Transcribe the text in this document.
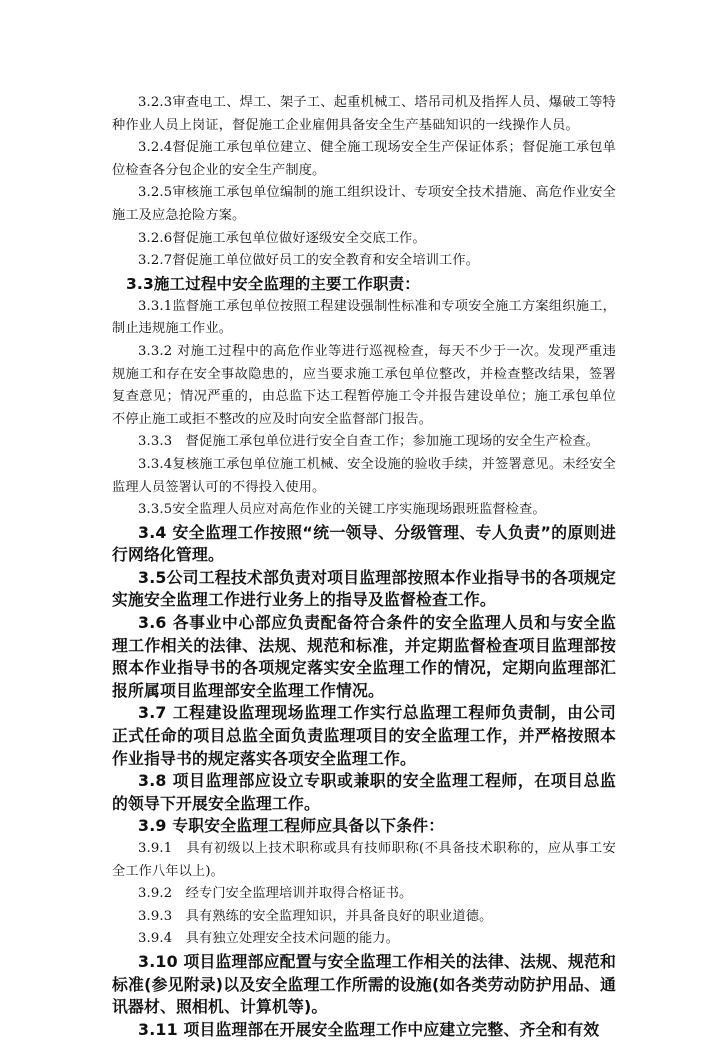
3.2.3审查电工、焊工、架子工、起重机械工、塔吊司机及指挥人员、爆破工等特种作业人员上岗证，督促施工企业雇佣具备安全生产基础知识的一线操作人员。

3.2.4督促施工承包单位建立、健全施工现场安全生产保证体系；督促施工承包单位检查各分包企业的安全生产制度。

3.2.5审核施工承包单位编制的施工组织设计、专项安全技术措施、高危作业安全施工及应急抢险方案。

3.2.6督促施工承包单位做好逐级安全交底工作。

3.2.7督促施工单位做好员工的安全教育和安全培训工作。

3.3施工过程中安全监理的主要工作职责：

3.3.1监督施工承包单位按照工程建设强制性标准和专项安全施工方案组织施工，制止违规施工作业。

3.3.2 对施工过程中的高危作业等进行巡视检查，每天不少于一次。发现严重违规施工和存在安全事故隐患的，应当要求施工承包单位整改，并检查整改结果，签署复查意见；情况严重的，由总监下达工程暂停施工令并报告建设单位；施工承包单位不停止施工或拒不整改的应及时向安全监督部门报告。

3.3.3　督促施工承包单位进行安全自查工作；参加施工现场的安全生产检查。

3.3.4复核施工承包单位施工机械、安全设施的验收手续，并签署意见。未经安全监理人员签署认可的不得投入使用。

3.3.5安全监理人员应对高危作业的关键工序实施现场跟班监督检查。

3.4 安全监理工作按照“统一领导、分级管理、专人负责”的原则进行网络化管理。

3.5公司工程技术部负责对项目监理部按照本作业指导书的各项规定实施安全监理工作进行业务上的指导及监督检查工作。

3.6 各事业中心部应负责配备符合条件的安全监理人员和与安全监理工作相关的法律、法规、规范和标准，并定期监督检查项目监理部按照本作业指导书的各项规定落实安全监理工作的情况，定期向监理部汇报所属项目监理部安全监理工作情况。

3.7 工程建设监理现场监理工作实行总监理工程师负责制，由公司正式任命的项目总监全面负责监理项目的安全监理工作，并严格按照本作业指导书的规定落实各项安全监理工作。

3.8 项目监理部应设立专职或兼职的安全监理工程师，在项目总监的领导下开展安全监理工作。

3.9 专职安全监理工程师应具备以下条件：

3.9.1　具有初级以上技术职称或具有技师职称(不具备技术职称的，应从事工安全工作八年以上)。

3.9.2　经专门安全监理培训并取得合格证书。

3.9.3　具有熟练的安全监理知识，并具备良好的职业道德。

3.9.4　具有独立处理安全技术问题的能力。

3.10 项目监理部应配置与安全监理工作相关的法律、法规、规范和标准(参见附录)以及安全监理工作所需的设施(如各类劳动防护用品、通讯器材、照相机、计算机等)。

3.11 项目监理部在开展安全监理工作中应建立完整、齐全和有效
